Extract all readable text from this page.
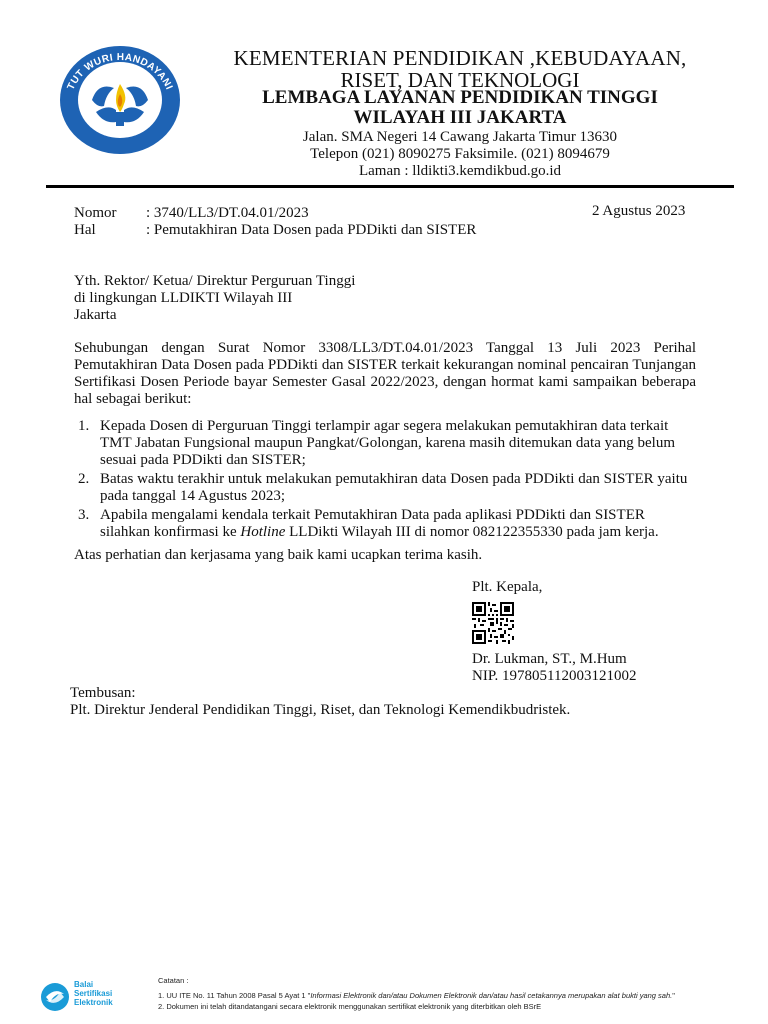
TUT WURI HANDAYANI
KEMENTERIAN PENDIDIKAN ,KEBUDAYAAN,
RISET, DAN TEKNOLOGI
LEMBAGA LAYANAN PENDIDIKAN TINGGI
WILAYAH III JAKARTA
Jalan. SMA Negeri 14 Cawang Jakarta Timur 13630
Telepon (021) 8090275 Faksimile. (021) 8094679
Laman : lldikti3.kemdikbud.go.id
Nomor : 3740/LL3/DT.04.01/2023
Hal	: Pemutakhiran Data Dosen pada PDDikti dan SISTER
2 Agustus 2023
Yth. Rektor/ Ketua/ Direktur Perguruan Tinggi
di lingkungan LLDIKTI Wilayah III
Jakarta
Sehubungan dengan Surat Nomor 3308/LL3/DT.04.01/2023 Tanggal 13 Juli 2023 Perihal Pemutakhiran Data Dosen pada PDDikti dan SISTER terkait kekurangan nominal pencairan Tunjangan Sertifikasi Dosen Periode bayar Semester Gasal 2022/2023, dengan hormat kami sampaikan beberapa hal sebagai berikut:
1. Kepada Dosen di Perguruan Tinggi terlampir agar segera melakukan pemutakhiran data terkait TMT Jabatan Fungsional maupun Pangkat/Golongan, karena masih ditemukan data yang belum sesuai pada PDDikti dan SISTER;
2. Batas waktu terakhir untuk melakukan pemutakhiran data Dosen pada PDDikti dan SISTER yaitu pada tanggal 14 Agustus 2023;
3. Apabila mengalami kendala terkait Pemutakhiran Data pada aplikasi PDDikti dan SISTER silahkan konfirmasi ke Hotline LLDikti Wilayah III di nomor 082122355330 pada jam kerja.
Atas perhatian dan kerjasama yang baik kami ucapkan terima kasih.
Plt. Kepala,
Dr. Lukman, ST., M.Hum
NIP. 197805112003121002
Tembusan:
Plt. Direktur Jenderal Pendidikan Tinggi, Riset, dan Teknologi Kemendikbudristek.
Balai
Sertifikasi
Elektronik
Catatan :
1. UU ITE No. 11 Tahun 2008 Pasal 5 Ayat 1 "Informasi Elektronik dan/atau Dokumen Elektronik dan/atau hasil cetakannya merupakan alat bukti yang sah."
2. Dokumen ini telah ditandatangani secara elektronik menggunakan sertifikat elektronik yang diterbitkan oleh BSrE
